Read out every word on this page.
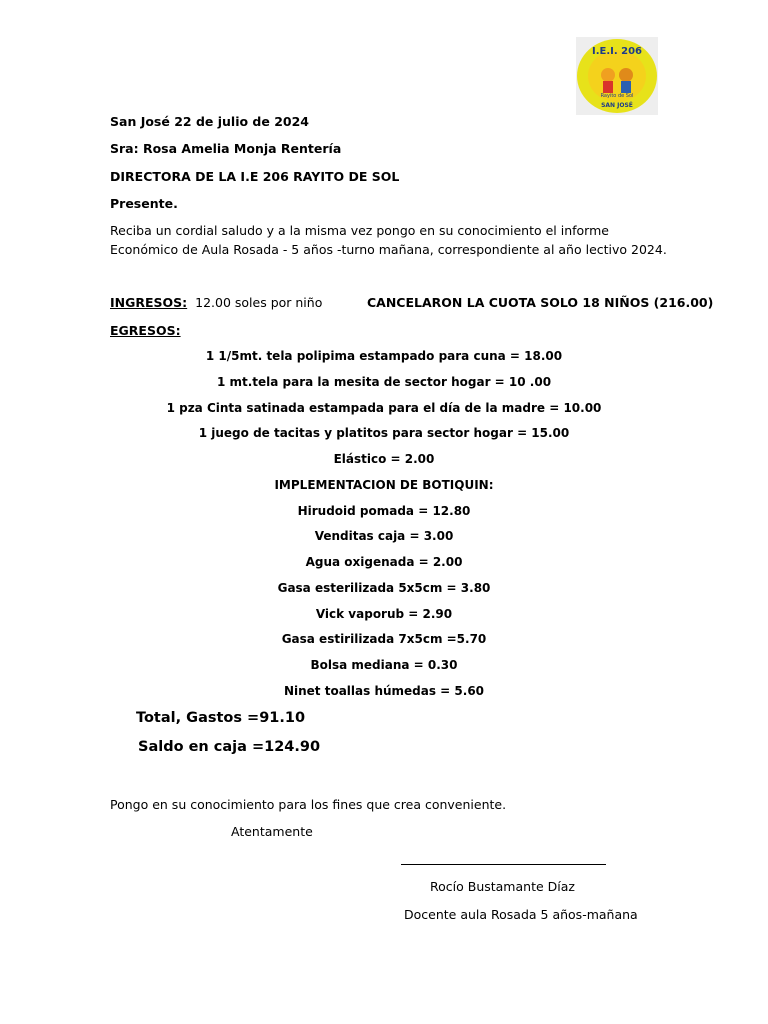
I.E.I. 206
Rayito de Sol
SAN JOSÉ
San José 22 de julio de 2024
Sra: Rosa Amelia Monja Rentería
DIRECTORA DE LA I.E 206 RAYITO DE SOL
Presente.
Reciba un cordial saludo y a la misma vez pongo en su conocimiento el informe Económico de Aula Rosada - 5 años -turno mañana, correspondiente al año lectivo 2024.
INGRESOS: 12.00 soles por niño	CANCELARON LA CUOTA SOLO 18 NIÑOS (216.00)
EGRESOS:
1 1/5mt. tela polipima estampado para cuna = 18.00
1 mt.tela para la mesita de sector hogar = 10 .00
1 pza Cinta satinada estampada para el día de la madre = 10.00
1 juego de tacitas y platitos para sector hogar = 15.00
Elástico = 2.00
IMPLEMENTACION DE BOTIQUIN:
Hirudoid pomada = 12.80
Venditas caja = 3.00
Agua oxigenada = 2.00
Gasa esterilizada 5x5cm = 3.80
Vick vaporub = 2.90
Gasa estirilizada 7x5cm =5.70
Bolsa mediana = 0.30
Ninet toallas húmedas = 5.60
Total, Gastos =91.10
Saldo en caja =124.90
Pongo en su conocimiento para los fines que crea conveniente.
Atentamente
Rocío Bustamante Díaz
Docente aula Rosada 5 años-mañana
